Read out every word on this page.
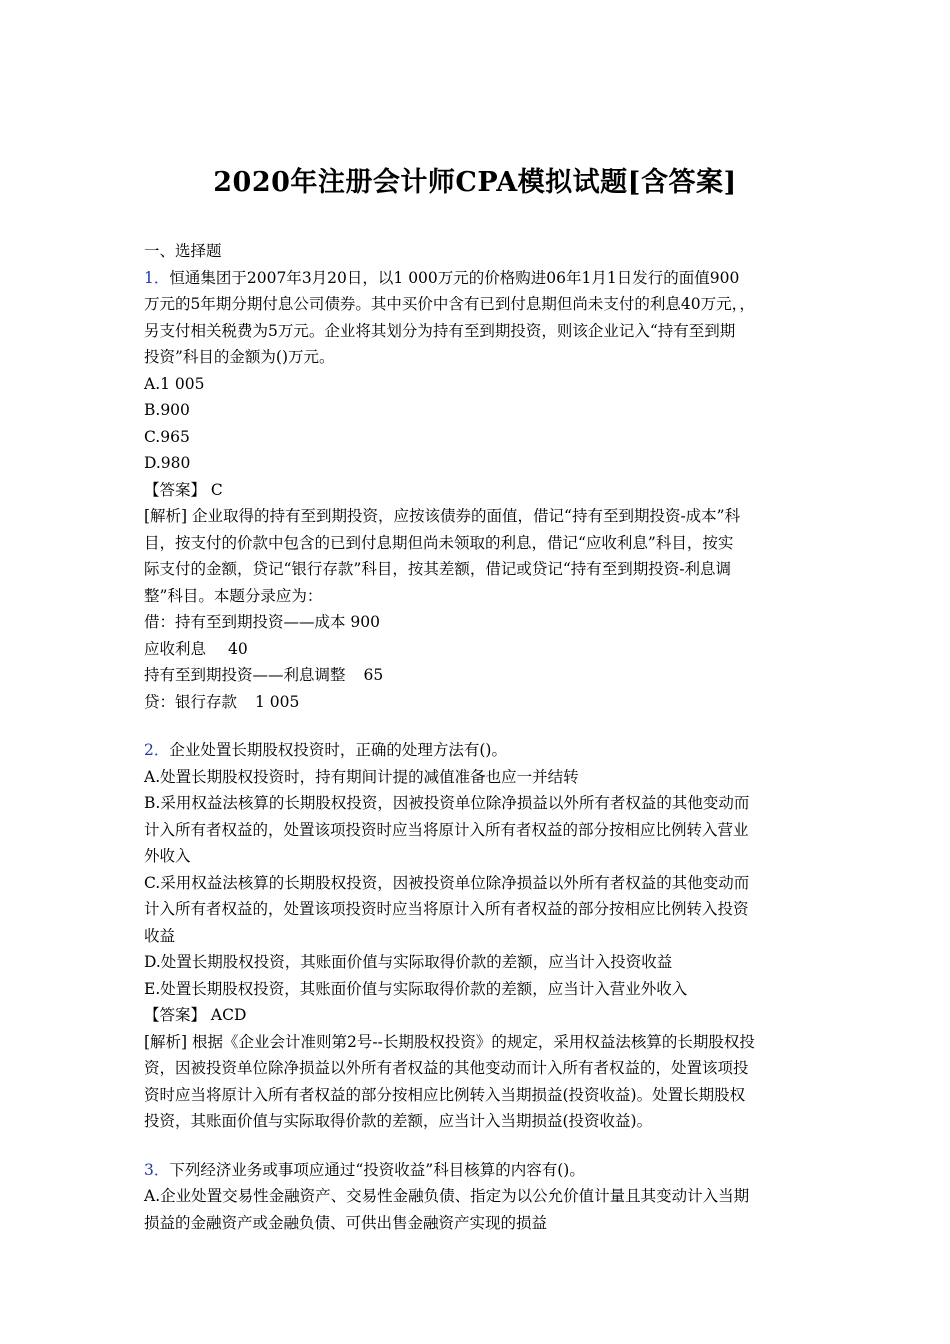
2020年注册会计师CPA模拟试题[含答案]

一、选择题

1．恒通集团于2007年3月20日，以1 000万元的价格购进06年1月1日发行的面值900

万元的5年期分期付息公司债券。其中买价中含有已到付息期但尚未支付的利息40万元，，

另支付相关税费为5万元。企业将其划分为持有至到期投资，则该企业记入“持有至到期

投资”科目的金额为()万元。

A.1 005

B.900

C.965

D.980

【答案】 C

[解析] 企业取得的持有至到期投资，应按该债券的面值，借记“持有至到期投资-成本”科

目，按支付的价款中包含的已到付息期但尚未领取的利息，借记“应收利息”科目，按实

际支付的金额，贷记“银行存款”科目，按其差额，借记或贷记“持有至到期投资-利息调

整”科目。本题分录应为：

借：持有至到期投资——成本 900

应收利息 40

持有至到期投资——利息调整 65

贷：银行存款 1 005

2．企业处置长期股权投资时，正确的处理方法有()。

A.处置长期股权投资时，持有期间计提的减值准备也应一并结转

B.采用权益法核算的长期股权投资，因被投资单位除净损益以外所有者权益的其他变动而

计入所有者权益的，处置该项投资时应当将原计入所有者权益的部分按相应比例转入营业

外收入

C.采用权益法核算的长期股权投资，因被投资单位除净损益以外所有者权益的其他变动而

计入所有者权益的，处置该项投资时应当将原计入所有者权益的部分按相应比例转入投资

收益

D.处置长期股权投资，其账面价值与实际取得价款的差额，应当计入投资收益

E.处置长期股权投资，其账面价值与实际取得价款的差额，应当计入营业外收入

【答案】 ACD

[解析] 根据《企业会计准则第2号--长期股权投资》的规定，采用权益法核算的长期股权投

资，因被投资单位除净损益以外所有者权益的其他变动而计入所有者权益的，处置该项投

资时应当将原计入所有者权益的部分按相应比例转入当期损益(投资收益)。处置长期股权

投资，其账面价值与实际取得价款的差额，应当计入当期损益(投资收益)。

3．下列经济业务或事项应通过“投资收益”科目核算的内容有()。

A.企业处置交易性金融资产、交易性金融负债、指定为以公允价值计量且其变动计入当期

损益的金融资产或金融负债、可供出售金融资产实现的损益
